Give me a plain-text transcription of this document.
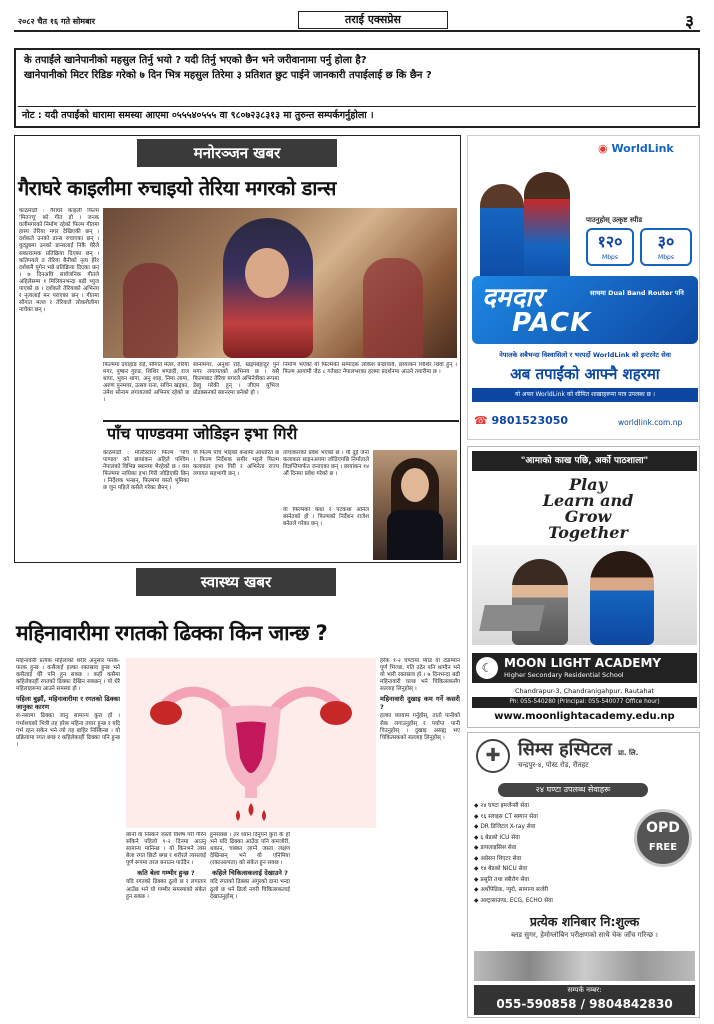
२०८२ चैत १६ गते सोमबार	तराई एक्सप्रेस	३
के तपाईंले खानेपानीको महसुल तिर्नु भयो ? यदी तिर्नु भएको छैन भने जरीवानामा पर्नु होला है?
खानेपानीको मिटर रिडिङ गरेको ७ दिन भित्र महसुल तिरेमा ३ प्रतिशत छुट पाईने जानकारी तपाईलाई छ कि छैन ?
नोट : यदी तपाईंको धारामा समस्या आएमा ०५५५४०५५५ वा ९८०७२३८३१३ मा तुरुन्त सम्पर्कगर्नुहोला ।
मनोरञ्जन खबर
गैराघरे काइलीमा रुचाइयो तेरिया मगरको डान्स
काठमाडौं : गैराघरे काइली फिल्म 'मितज्यू' को गीत हो । जनक घलीमगरको निर्माण रहेको फिल्म गीतमा हास्य तेरिया मगर देखिएकी छन् । दर्शकले उनको डान्स रुचाएका छन् । युट्युबमा उनको डान्सलाई निकै धेरैले सकारात्मक प्रतिक्रिया दिएका छन् । कतिपयले त तेरिया बैनीको नृत्य हेरेर दर्शकमै पुगेन भन्ने प्रतिक्रिया दिएका छन् । ७ दिनअघि सार्वजनिक गीतले अहिलेसम्म १ मिलियनभन्दा बढी भ्युज पाएको छ । दर्शकले तेरियाको अभिनय र नृत्यलाई मन पराएका छन् । गीतमा सौगात मल्ल र तेरियाले लोकशैलीमा नाचेका छन् ।
फिल्ममा दयाहाङ राई, सौगात मल्ल, तेरिया मगर, पुष्कर गुरुङ, शिशिर भण्डारी, राज थापा, भुवन थापा, अनु शाह, निमा लामा, अरुण पुनमगर, उत्सव राना, सचिन खड्का, उमेश सोनाम लगायतको अभिनय रहेको छ ।
सानामगर, अनुशा राई, खड्गबहादुर पुन मगर लगायतको अभिनय छ । यसै फिल्मबाट तेरिया मगरले अभिनेत्रीका रूपमा डेब्यु गरेकी हुन् । जीएम मुभिज प्रोडक्सनको ब्यानरमा बनेको हो ।
निर्माण भएको यो फिल्मको सम्पादक लोकेश बज्राचार्य, छायांकन शिशिर थिवो हुन् । फिल्म आगामी जेठ ८ गतेबाट नेपालभरका हलमा प्रदर्शनमा आउने तयारीमा छ ।
पाँच पाण्डवमा जोडिइन इभा गिरी
काठमाडौं : मल्टिस्टारर फिल्म 'पाँच पाण्डव' को छायांकन अहिले पश्चिम नेपालको विभिन्न स्थानमा भैरहेको छ । यस फिल्ममा नायिका इभा गिरी जोडिएकी छिन् । निर्देशक भन्छन्, फिल्ममा यस्तो भूमिका छ जुन पहिले कसैले गरेका छैनन् ।
यो फिल्म पाँच भाइको कथामा आधारित छ । फिल्म निर्देशक समीर भट्टले फिल्म कलाकार इभा गिरी र अभिनेता राज्य लगायत सहभागी छन् ।
ताचाकारको प्रवेश भएको छ । यी दुई जना कलाकार साइनअपमा जोडिएपछि निर्माताले विज्ञप्तिमार्फत जनाएका छन् । छायांकन १४ औं दिनमा प्रवेश गरेको छ ।
यो फिल्मको कथा र पटकथा अनिल बस्नेतको हो । फिल्मको निर्देशन राजेश बनेतले गरेका छन् ।
स्वास्थ्य खबर
महिनावारीमा रगतको ढिक्का किन जान्छ ?

महिनावारी प्रत्येक महिलाको शरीर अनुसार फरक-फरक हुन्छ । कसैलाई हल्का रक्तस्राव हुन्छ भने कसैलाई धेरै पनि हुन सक्छ । कहीं कसैमा कहिलेकाहीं रगतको ढिक्का देखिन सक्छन् । यो धेरै महिलाहरूमा आउने समस्या हो ।

पहिला बुझौं, महिनावारीमा र रगतको ढिक्का जानुका कारण

स-नसामा ढिक्का जानु सामान्य कुरा हो । गर्भाशयको भित्री तह हरेक महिना तयार हुन्छ र यदि गर्भ रहन सकेन भने त्यो तह बाहिर निस्किन्छ । यो प्रक्रियामा रगत बग्छ र कहिलेकाहीं ढिक्का पनि हुन्छ ।

छानो वा निस्कने जस्तो विशेष गरी गीरेन सकिने पहिलो १-२ दिनमा आउनु सामान्य मानिन्छ । यो किनभने त्यस बेला रगत छिटो बग्छ र शरीरले त्यसलाई पूर्ण रूपमा तरल बनाउन पाउँदैन ।

कति बेला गम्भीर हुन्छ ?

यदि रगतको ढिक्का ठूलो छ र लगातार आउँछ भने यो गम्भीर समस्याको संकेत हुन सक्छ ।

हुनसक्छ । तर ध्यान दिनुपर्ने कुरा के हो भने यदि ढिक्का आउँदा पनि कमजोरी, थकान, चक्कर लाग्ने जस्ता लक्षण देखिन्छन् भने यो एनिमिया (रक्तअल्पता) को संकेत हुन सक्छ ।

कहिले चिकित्सकलाई देखाउने ?

यदि रगतको ढिक्का अंगुरको दाना भन्दा ठूलो छ भने ढिलो नगरी चिकित्सकलाई देखाउनुहोस् ।

हरेक १-२ घण्टामा प्याड वा ट्याम्पोन पूर्ण भिज्छ, गति उठेर पनि थाम्दैन भने यो भारी रक्तस्राव हो । ७ दिनभन्दा बढी महिनावारी चल्छ भने चिकित्सकसँग सल्लाह लिनुहोस् ।

महिनावारी दुखाइ कम गर्ने कसरी ?

हल्का व्यायाम गर्नुहोस्, तातो पानीको सेक लगाउनुहोस् र पर्याप्त पानी पिउनुहोस् । दुखाइ असह्य भए चिकित्सकको सल्लाह लिनुहोस् ।

◉ WorldLink
पाउनुहोस् उत्कृष्ट स्पीड
१२०
Mbps
३०
Mbps
दमदार
PACK
साथमा Dual Band Router पनि
नेपालके सबैभन्दा विश्वासिलो र भरपर्दो WorldLink को इन्टरनेट सेवा
अब तपाईंको आफ्नै शहरमा
यो अफर WorldLink को सीमित शाखाहरूमा मात्र उपलब्ध छ ।
☎ 9801523050	worldlink.com.np
"आमाको काख पछि, अर्को पाठशाला"
Play
Learn and
Grow
Together
☾ MOON LIGHT ACADEMY
Higher Secondary Residential School
Chandrapur-3, Chandranigahpur, Rautahat
Ph: 055-540280 (Principal: 055-540077 Office hour)
www.moonlightacademy.edu.np
✚ सिम्स हस्पिटल प्रा. लि.
चन्द्रपुर-४, पोस्ट रोड, रौतहट
२४ घण्टा उपलब्ध सेवाहरू
◆ २४ घण्टा इमर्जेन्सी सेवा
◆ १६ स्लाइस CT स्क्यान सेवा
◆ DR डिजिटल X-ray सेवा
◆ ६ बेडको ICU सेवा
◆ डायलाइसिस सेवा
◆ अप्रेसन थिएटर सेवा
◆ १४ बेडको NICU सेवा
◆ प्रसूति तथा स्त्रीरोग सेवा
◆ अर्थोपेडिक, न्युरो, सामान्य सर्जरी
◆ अल्ट्रासाउण्ड, ECG, ECHO सेवा
OPD
FREE
प्रत्येक शनिबार नि:शुल्क
ब्लड सुगर, हेमोग्लोबिन परीक्षणको साथै चेक जाँच गरिन्छ ।
सम्पर्क नम्बर:
055-590858 / 9804842830
